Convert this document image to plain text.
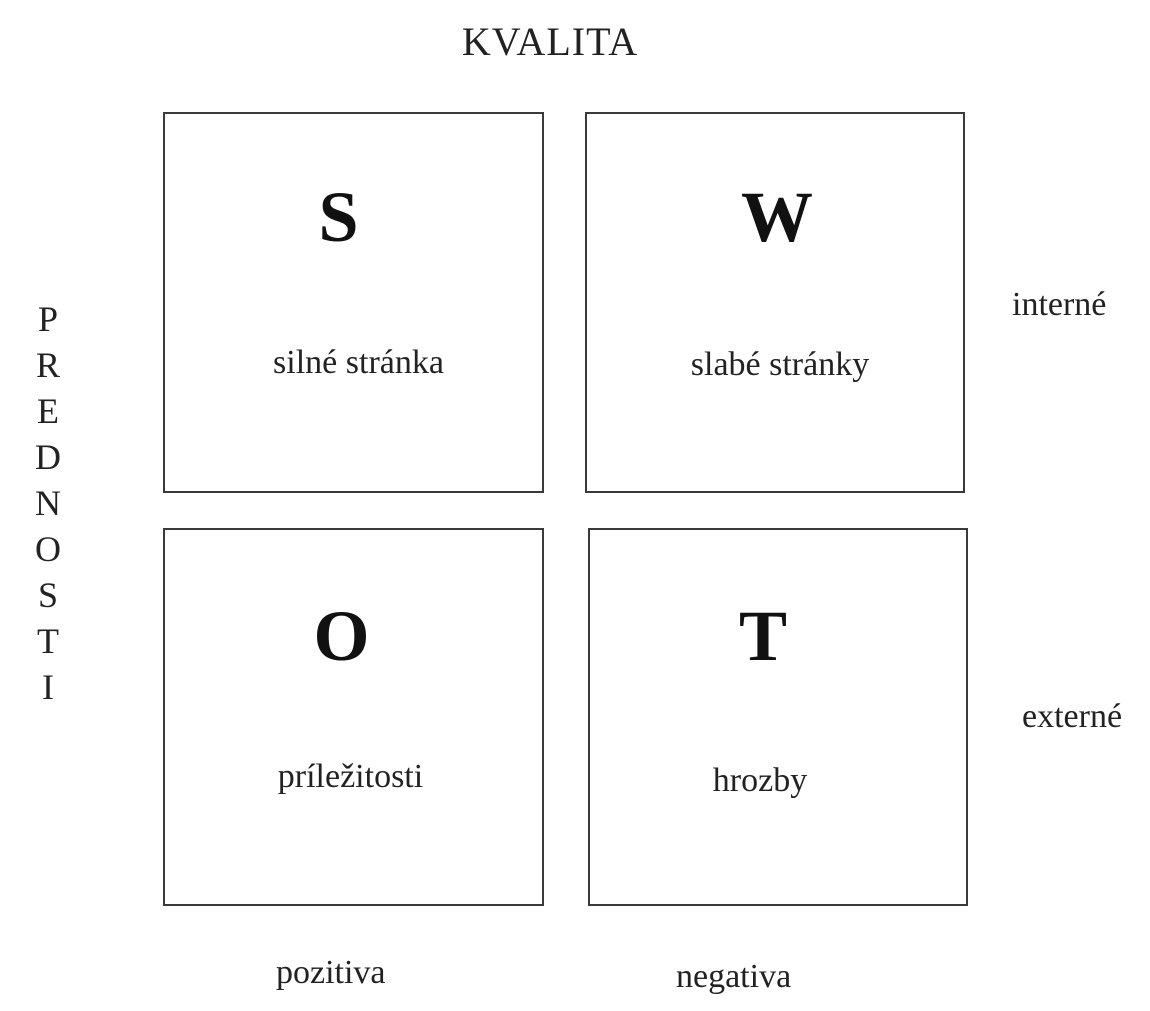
KVALITA
P
R
E
D
N
O
S
T
I
S
silné stránka
W
slabé stránky
O
príležitosti
T
hrozby
interné
externé
pozitiva	negativa
